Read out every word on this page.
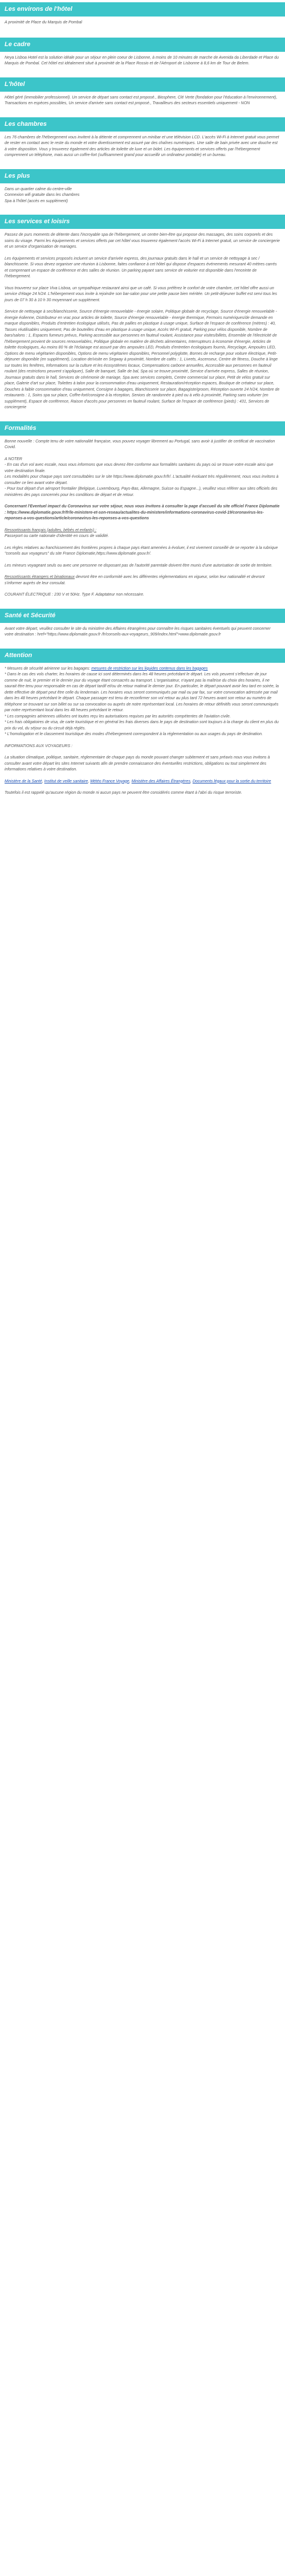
Les environs de l'hôtel

A proximité de Place du Marquis de Pombal

Le cadre

Neya Lisboa Hotel est la solution idéale pour un séjour en plein coeur de Lisbonne, à moins de 10 minutes de marche de Avenida da Liberdade et Place du Marquis de Pombal. Cet hôtel est idéalement situé à proximité de la Place Rossio et de l'Aéroport de Lisbonne à 8,6 km de Tour de Belem.

L'hôtel

Hôtel géré (immobilier professionnel). Un service de départ sans contact est proposé., Biosphere, Clé Verte (fondation pour l'éducation à l'environnement), Transactions en espèces possibles, Un service d'arrivée sans contact est proposé., Travailleurs des secteurs essentiels uniquement - NON

Les chambres

Les 76 chambres de l'hébergement vous invitent à la détente et comprennent un minibar et une télévision LCD. L'accès Wi-Fi à Internet gratuit vous permet de rester en contact avec le reste du monde et votre divertissement est assuré par des chaînes numériques. Une salle de bain privée avec une douche est à votre disposition. Vous y trouverez également des articles de toilette de luxe et un bidet. Les équipements et services offerts par l'hébergement comprennent un téléphone, mais aussi un coffre-fort (suffisamment grand pour accueillir un ordinateur portable) et un bureau.

Les plus
Dans un quartier calme du centre-ville
Connexion wifi gratuite dans les chambres
Spa à l'hôtel (accès en supplément)
Les services et loisirs

Passez de purs moments de détente dans l'incroyable spa de l'hébergement, un centre bien-être qui propose des massages, des soins corporels et des soins du visage. Parmi les équipements et services offerts par cet hôtel vous trouverez également l'accès Wi-Fi à Internet gratuit, un service de conciergerie et un service d'organisation de mariages.

Les équipements et services proposés incluent un service d'arrivée express, des journaux gratuits dans le hall et un service de nettoyage à sec / blanchisserie. Si vous devez organiser une réunion à Lisbonne, faites confiance à cet hôtel qui dispose d'espaces événements mesurant 40 mètres carrés et comprenant un espace de conférence et des salles de réunion. Un parking payant sans service de voiturier est disponible dans l'enceinte de l'hébergement.

Vous trouverez sur place Viva Lisboa, un sympathique restaurant ainsi que un café. Si vous préférez le confort de votre chambre, cet hôtel offre aussi un service d'étage 24 h/24. L'hébergement vous invite à rejoindre son bar-salon pour une petite pause bien méritée. Un petit-déjeuner buffet est servi tous les jours de 07 h 30 à 10 h 30 moyennant un supplément.

Service de nettoyage à sec/blanchisserie, Source d'énergie renouvelable - énergie solaire, Politique globale de recyclage, Source d'énergie renouvelable - énergie éolienne, Distributeur en vrac pour articles de toilette, Source d'énergie renouvelable - énergie thermique, Fermoirs numériques/de demande en marque disponibles, Produits d'entretien écologique utilisés, Pas de pailles en plastique à usage unique, Surface de l'espace de conférence (mètres) : 40, Tasses réutilisables uniquement, Pas de bouteilles d'eau en plastique à usage unique, Accès Wi-Fi gratuit, Parking pour vélos disponible, Nombre de bars/salons : 1, Espaces fumeurs prévus, Parking accessible aux personnes en fauteuil roulant, Assistance pour visites/billets, Ensemble de l'électricité de l'hébergement provient de sources renouvelables, Politique globale en matière de déchets alimentaires, Interrupteurs à économie d'énergie, Articles de toilette écologiques, Au moins 80 % de l'éclairage est assuré par des ampoules LED, Produits d'entretien écologiques fournis, Recyclage, Ampoules LED, Options de menu végétarien disponibles, Options de menu végétarien disponibles, Personnel polyglotte, Bornes de recharge pour voiture électrique, Petit-déjeuner disponible (en supplément), Location de/visite en Segway à proximité, Nombre de cafés : 1, Livrets, Ascenseur, Centre de fitness, Douche à linge sur toutes les fenêtres, Informations sur la culture et les écosystèmes locaux, Compensations carbone annuelles, Accessible aux personnes en fauteuil roulant (des restrictions peuvent s'appliquer), Salle de banquet, Salle de bal, Spa où se trouve proximité, Service d'arrivée express, Salles de réunion, Journaux gratuits dans le hall, Services de cérémonie de mariage, Spa avec services complets, Centre commercial sur place, Petit de vélos gratuit sur place, Galerie d'art sur place, Toilettes à talon pour la consommation d'eau uniquement, Restauration/réception espaces, Boutique de créateur sur place, Douches à faible consommation d'eau uniquement, Consigne à bagages, Blanchisserie sur place, Bagagiste/groom, Réception ouverte 24 h/24, Nombre de restaurants : 1, Soins spa sur place, Coffre-fort/consigne à la réception, Seniors de randonnée à pied ou à vélo à proximité, Parking sans voiturier (en supplément), Espace de conférence, Raison d'accès pour personnes en fauteuil roulant, Surface de l'espace de conférence (pieds) : 431, Services de conciergerie

Formalités

Bonne nouvelle : Compte tenu de votre nationalité française, vous pouvez voyager librement au Portugal, sans avoir à justifier de certificat de vaccination Covid.

A NOTER
- En cas d'un vol avec escale, nous vous informons que vous devrez être conforme aux formalités sanitaires du pays où se trouve votre escale ainsi que votre destination finale.
Les modalités pour chaque pays sont consultables sur le site https://www.diplomatie.gouv.fr/fr/. L'actualité évoluant très régulièrement, nous vous invitons à consulter ce lien avant votre départ.
- Pour tout départ d'un aéroport frontalier (Belgique, Luxembourg, Pays-Bas, Allemagne, Suisse ou Espagne...), veuillez vous référer aux sites officiels des ministères des pays concernés pour les conditions de départ et de retour.

Concernant l'Eventuel impact du Coronavirus sur votre séjour, nous vous invitons à consulter la page d'accueil du site officiel France Diplomatie : https://www.diplomatie.gouv.fr/fr/le-ministere-et-son-reseau/actualites-du-ministere/informations-coronavirus-covid-19/coronavirus-les-reponses-a-vos-questions/article/coronavirus-les-reponses-a-vos-questions

Ressortissants français (adultes, bébés et enfants) :
Passeport ou carte nationale d'identité en cours de validité.

Les règles relatives au franchissement des frontières propres à chaque pays étant amenées à évoluer, il est vivement conseillé de se reporter à la rubrique "conseils aux voyageurs" du site France Diplomatie,https://www.diplomatie.gouv.fr/.

Les mineurs voyageant seuls ou avec une personne ne disposant pas de l'autorité parentale doivent être munis d'une autorisation de sortie de territoire.

Ressortissants étrangers et binationaux devront être en conformité avec les différentes réglementations en vigueur, selon leur nationalité et devront s'informer auprès de leur consulat.

COURANT ÉLECTRIQUE : 230 V et 50Hz. Type F. Adaptateur non nécessaire.

Santé et Sécurité

Avant votre départ, veuillez consulter le site du ministère des Affaires étrangères pour connaître les risques sanitaires éventuels qui peuvent concerner votre destination : href="https://www.diplomatie.gouv.fr /fr/conseils-aux-voyageurs_909/index.html">www.diplomatie.gouv.fr

Attention

* Mesures de sécurité aérienne sur les bagages: mesures de restriction sur les liquides contenus dans les bagages

* Dans le cas des vols charter, les horaires de cause ici sont déterminés dans les 48 heures précédant le départ. Les vols peuvent s'effectuer de jour comme de nuit, le premier et le dernier jour du voyage étant consacrés au transport. L'organisateur, n'ayant pas la maîtrise du choix des horaires, il ne saurait être tenu pour responsable en cas de départ tardif et/ou de retour matinal le dernier jour. En particulier, le départ pouvant avoir lieu tard en soirée, la dette effective de départ peut être celle du lendemain. Les horaires vous seront communiqués par mail ou par fax, sur votre convocation adressée par mail dans les 48 heures précédant le départ. Chaque passager est tenu de reconfirmer son vol retour au plus tard 72 heures avant son retour au numéro de téléphone se trouvant sur son billet ou sur sa convocation ou auprès de notre représentant local. Les horaires de retour définitifs vous seront communiqués par notre représentant local dans les 48 heures précédant le retour.

* Les compagnies aériennes utilisées ont toutes reçu les autorisations requises par les autorités compétentes de l'aviation civile.

* Les frais obligatoires de visa, de carte touristique et en général les frais diverses dans le pays de destination sont toujours à la charge du client en plus du prix du vol, du séjour ou du circuit déjà réglés.

* L'homologation et le classement touristique des modes d'hébergement correspondent à la réglementation ou aux usages du pays de destination.

INFORMATIONS AUX VOYAGEURS :

La situation climatique, politique, sanitaire, réglementaire de chaque pays du monde pouvant changer subitement et sans préavis nous vous invitons à consulter avant votre départ les sites Internet suivants afin de prendre connaissance des éventuelles restrictions, obligations ou tout simplement des informations relatives à votre destination.

Ministère de la Santé, Institut de veille sanitaire, Météo France Voyage, Ministère des Affaires Étrangères, Documents légaux pour la sortie du territoire

Toutefois il est rappelé qu'aucune région du monde ni aucun pays ne peuvent être considérés comme étant à l'abri du risque terroriste.
